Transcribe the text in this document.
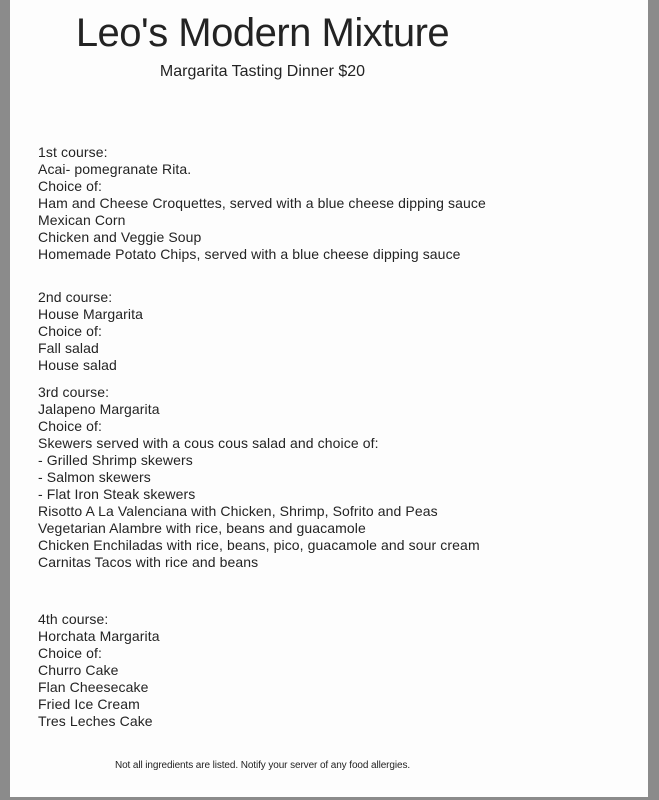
Leo's Modern Mixture
Margarita Tasting Dinner $20

1st course:

Acai- pomegranate Rita.

Choice of:

Ham and Cheese Croquettes, served with a blue cheese dipping sauce

Mexican Corn

Chicken and Veggie Soup

Homemade Potato Chips, served with a blue cheese dipping sauce

2nd course:

House Margarita

Choice of:

Fall salad

House salad

3rd course:

Jalapeno Margarita

Choice of:

Skewers served with a cous cous salad and choice of:

- Grilled Shrimp skewers

- Salmon skewers

- Flat Iron Steak skewers

Risotto A La Valenciana with Chicken, Shrimp, Sofrito and Peas

Vegetarian Alambre with rice, beans and guacamole

Chicken Enchiladas with rice, beans, pico, guacamole and sour cream

Carnitas Tacos with rice and beans

4th course:

Horchata Margarita

Choice of:

Churro Cake

Flan Cheesecake

Fried Ice Cream

Tres Leches Cake

Not all ingredients are listed. Notify your server of any food allergies.
